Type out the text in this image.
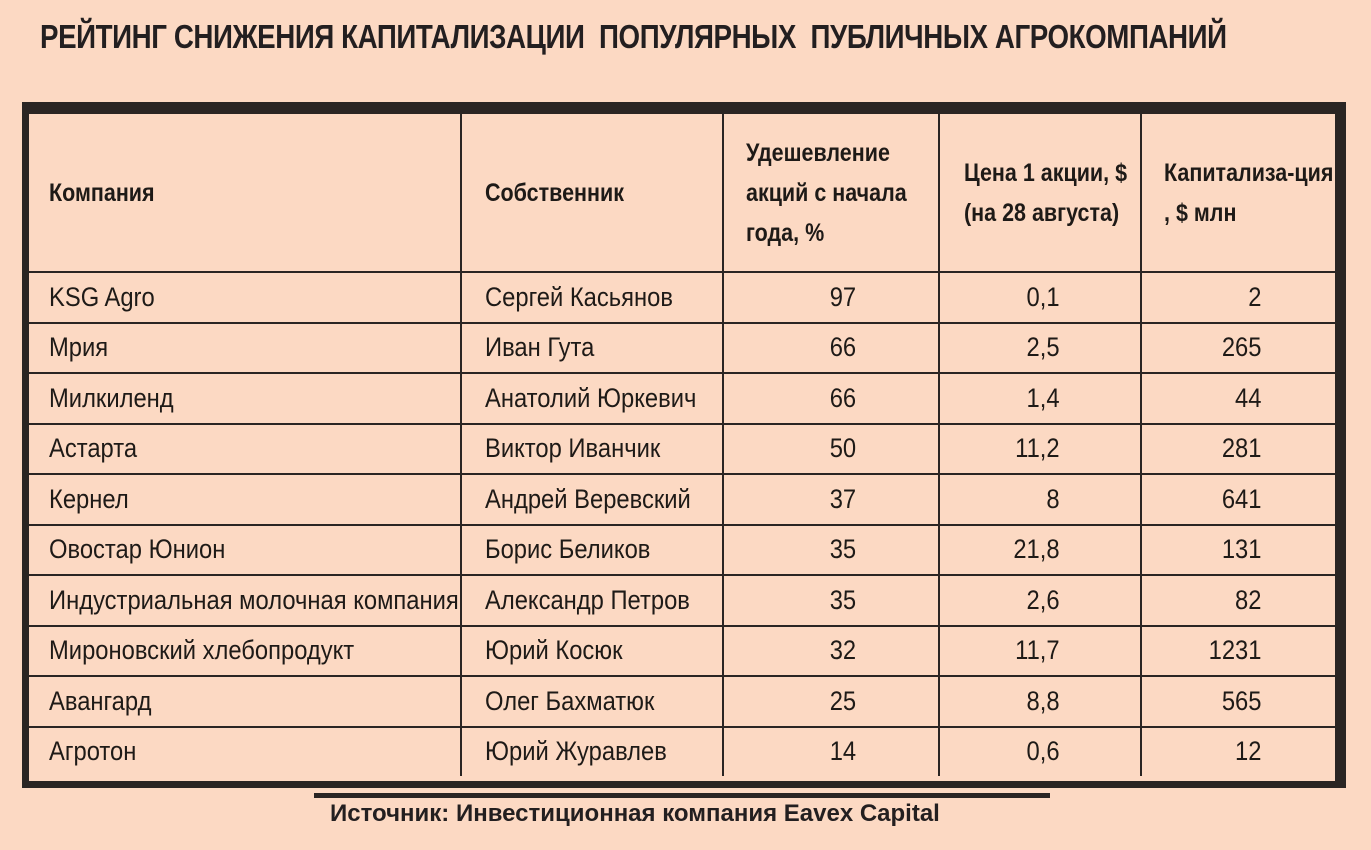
РЕЙТИНГ СНИЖЕНИЯ КАПИТАЛИЗАЦИИ  ПОПУЛЯРНЫХ  ПУБЛИЧНЫХ АГРОКОМПАНИЙ
Компания	Собственник	Удешевление акций с начала года, %	Цена 1 акции, $ (на 28 августа)	Капитализа-ция , $ млн

KSG Agro	Сергей Касьянов	97	0,1	2

Мрия	Иван Гута	66	2,5	265

Милкиленд	Анатолий Юркевич	66	1,4	44

Астарта	Виктор Иванчик	50	11,2	281

Кернел	Андрей Веревский	37	8	641

Овостар Юнион	Борис Беликов	35	21,8	131

Индустриальная молочная компания	Александр Петров	35	2,6	82

Мироновский хлебопродукт	Юрий Косюк	32	11,7	1231

Авангард	Олег Бахматюк	25	8,8	565

Агротон	Юрий Журавлев	14	0,6	12
Источник: Инвестиционная компания Eavex Capital
